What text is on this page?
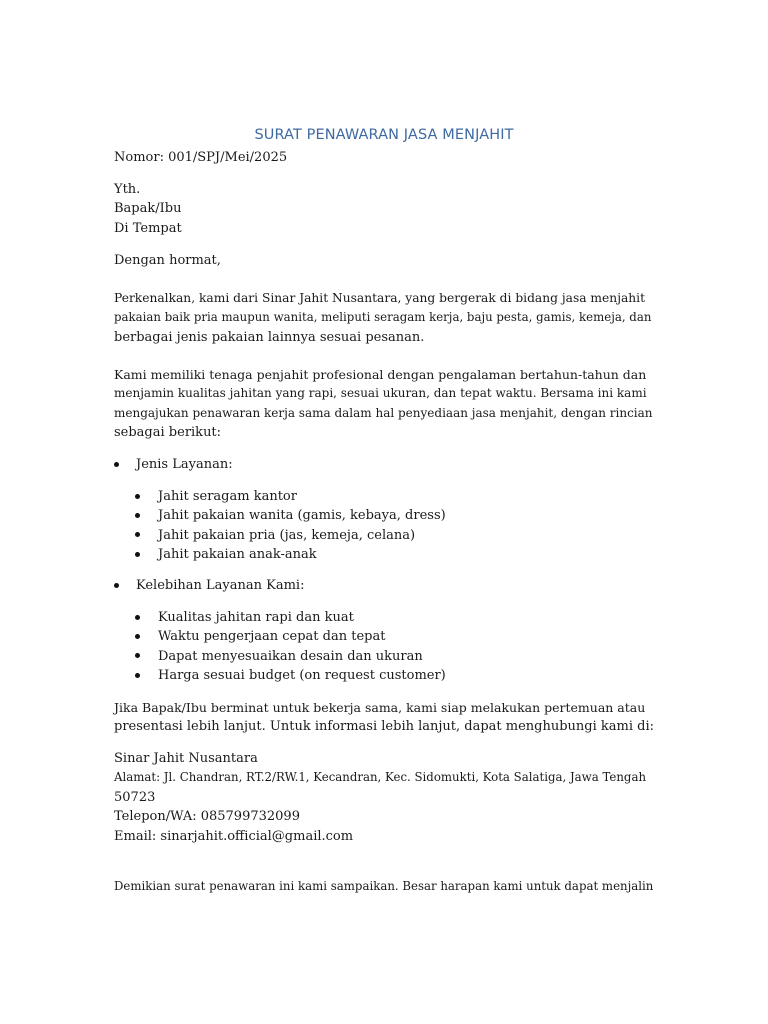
SURAT PENAWARAN JASA MENJAHIT

Nomor: 001/SPJ/Mei/2025

Yth.

Bapak/Ibu

Di Tempat

Dengan hormat,

Perkenalkan, kami dari Sinar Jahit Nusantara, yang bergerak di bidang jasa menjahit

pakaian baik pria maupun wanita, meliputi seragam kerja, baju pesta, gamis, kemeja, dan

berbagai jenis pakaian lainnya sesuai pesanan.

Kami memiliki tenaga penjahit profesional dengan pengalaman bertahun-tahun dan

menjamin kualitas jahitan yang rapi, sesuai ukuran, dan tepat waktu. Bersama ini kami

mengajukan penawaran kerja sama dalam hal penyediaan jasa menjahit, dengan rincian

sebagai berikut:

Jenis Layanan:
Jahit seragam kantor
Jahit pakaian wanita (gamis, kebaya, dress)
Jahit pakaian pria (jas, kemeja, celana)
Jahit pakaian anak-anak
Kelebihan Layanan Kami:
Kualitas jahitan rapi dan kuat
Waktu pengerjaan cepat dan tepat
Dapat menyesuaikan desain dan ukuran
Harga sesuai budget (on request customer)

Jika Bapak/Ibu berminat untuk bekerja sama, kami siap melakukan pertemuan atau

presentasi lebih lanjut. Untuk informasi lebih lanjut, dapat menghubungi kami di:

Sinar Jahit Nusantara

Alamat: Jl. Chandran, RT.2/RW.1, Kecandran, Kec. Sidomukti, Kota Salatiga, Jawa Tengah

50723

Telepon/WA: 085799732099

Email: sinarjahit.official@gmail.com

Demikian surat penawaran ini kami sampaikan. Besar harapan kami untuk dapat menjalin
